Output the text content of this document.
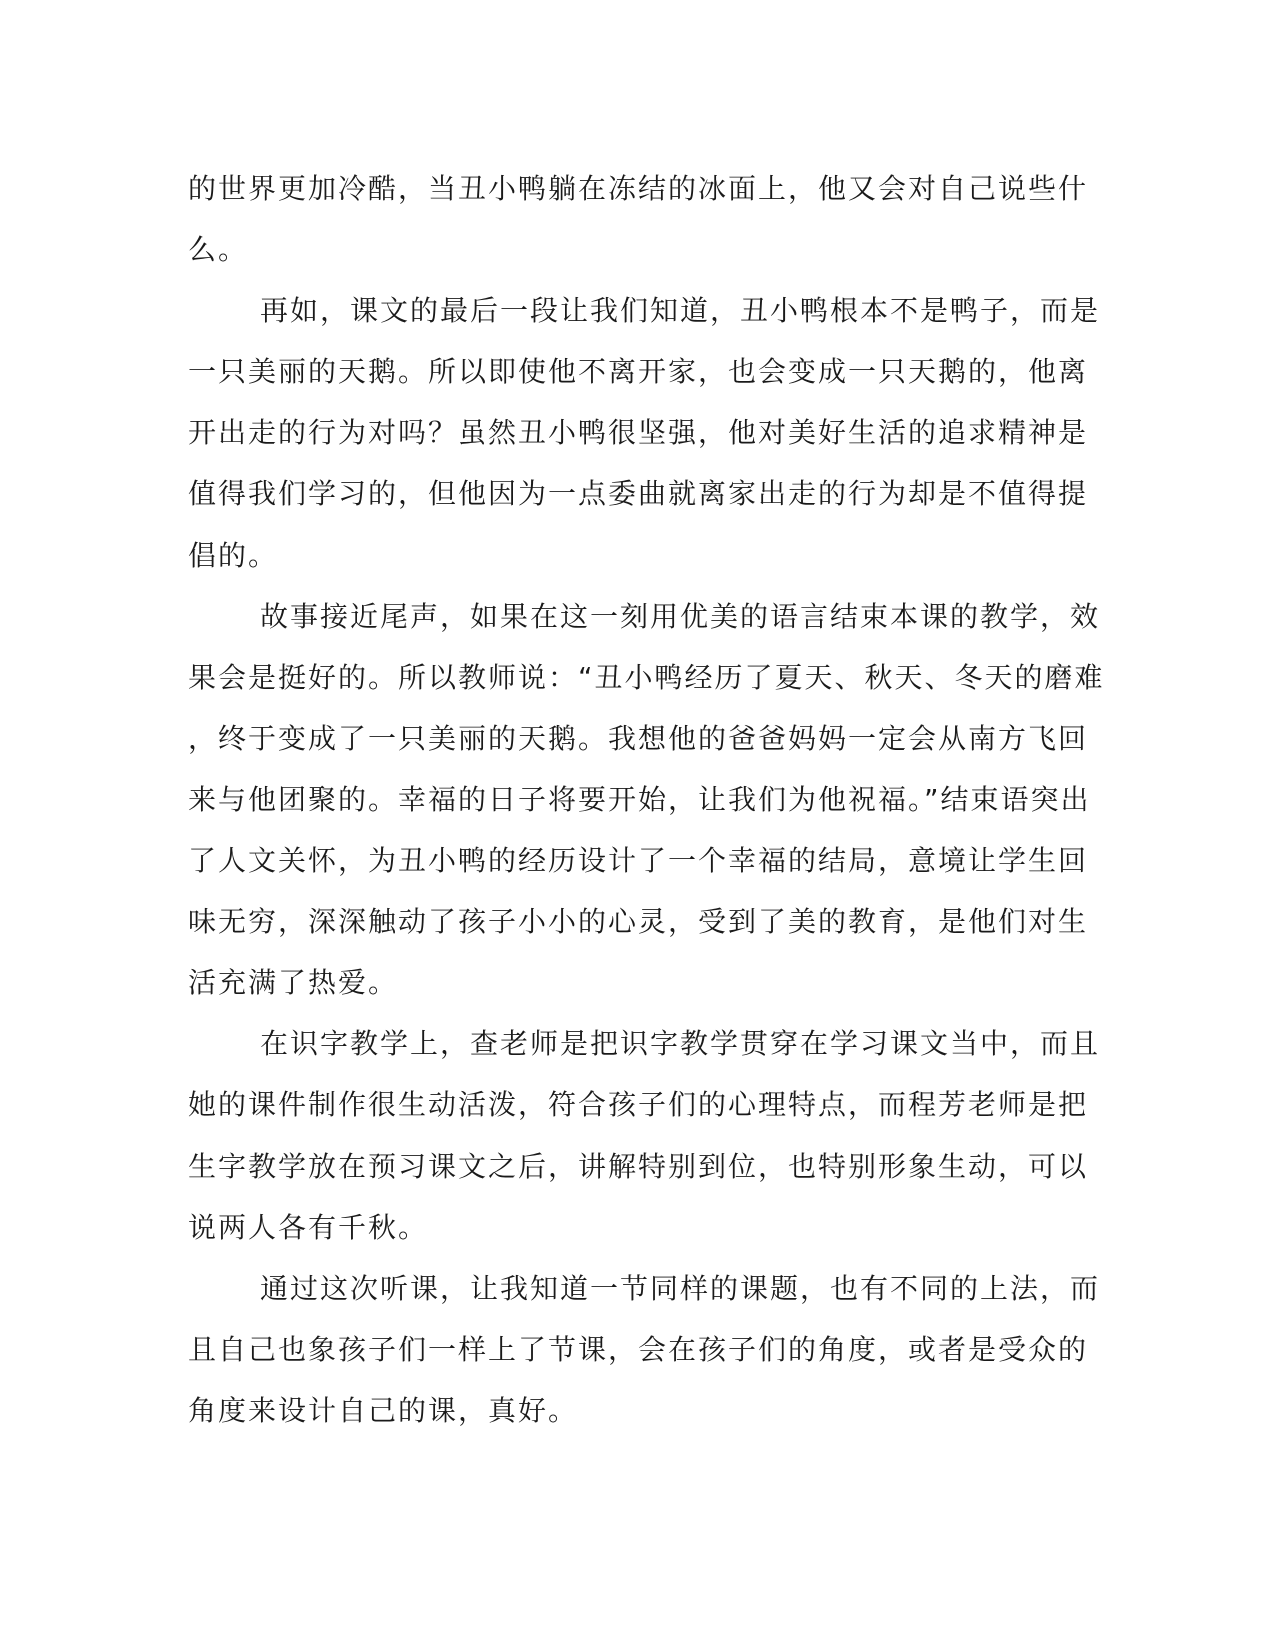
的世界更加冷酷，当丑小鸭躺在冻结的冰面上，他又会对自己说些什
么。
再如，课文的最后一段让我们知道，丑小鸭根本不是鸭子，而是
一只美丽的天鹅。所以即使他不离开家，也会变成一只天鹅的，他离
开出走的行为对吗？虽然丑小鸭很坚强，他对美好生活的追求精神是
值得我们学习的，但他因为一点委曲就离家出走的行为却是不值得提
倡的。
故事接近尾声，如果在这一刻用优美的语言结束本课的教学，效
果会是挺好的。所以教师说：“丑小鸭经历了夏天、秋天、冬天的磨难
，终于变成了一只美丽的天鹅。我想他的爸爸妈妈一定会从南方飞回
来与他团聚的。幸福的日子将要开始，让我们为他祝福。”结束语突出
了人文关怀，为丑小鸭的经历设计了一个幸福的结局，意境让学生回
味无穷，深深触动了孩子小小的心灵，受到了美的教育，是他们对生
活充满了热爱。
在识字教学上，查老师是把识字教学贯穿在学习课文当中，而且
她的课件制作很生动活泼，符合孩子们的心理特点，而程芳老师是把
生字教学放在预习课文之后，讲解特别到位，也特别形象生动，可以
说两人各有千秋。
通过这次听课，让我知道一节同样的课题，也有不同的上法，而
且自己也象孩子们一样上了节课，会在孩子们的角度，或者是受众的
角度来设计自己的课，真好。
